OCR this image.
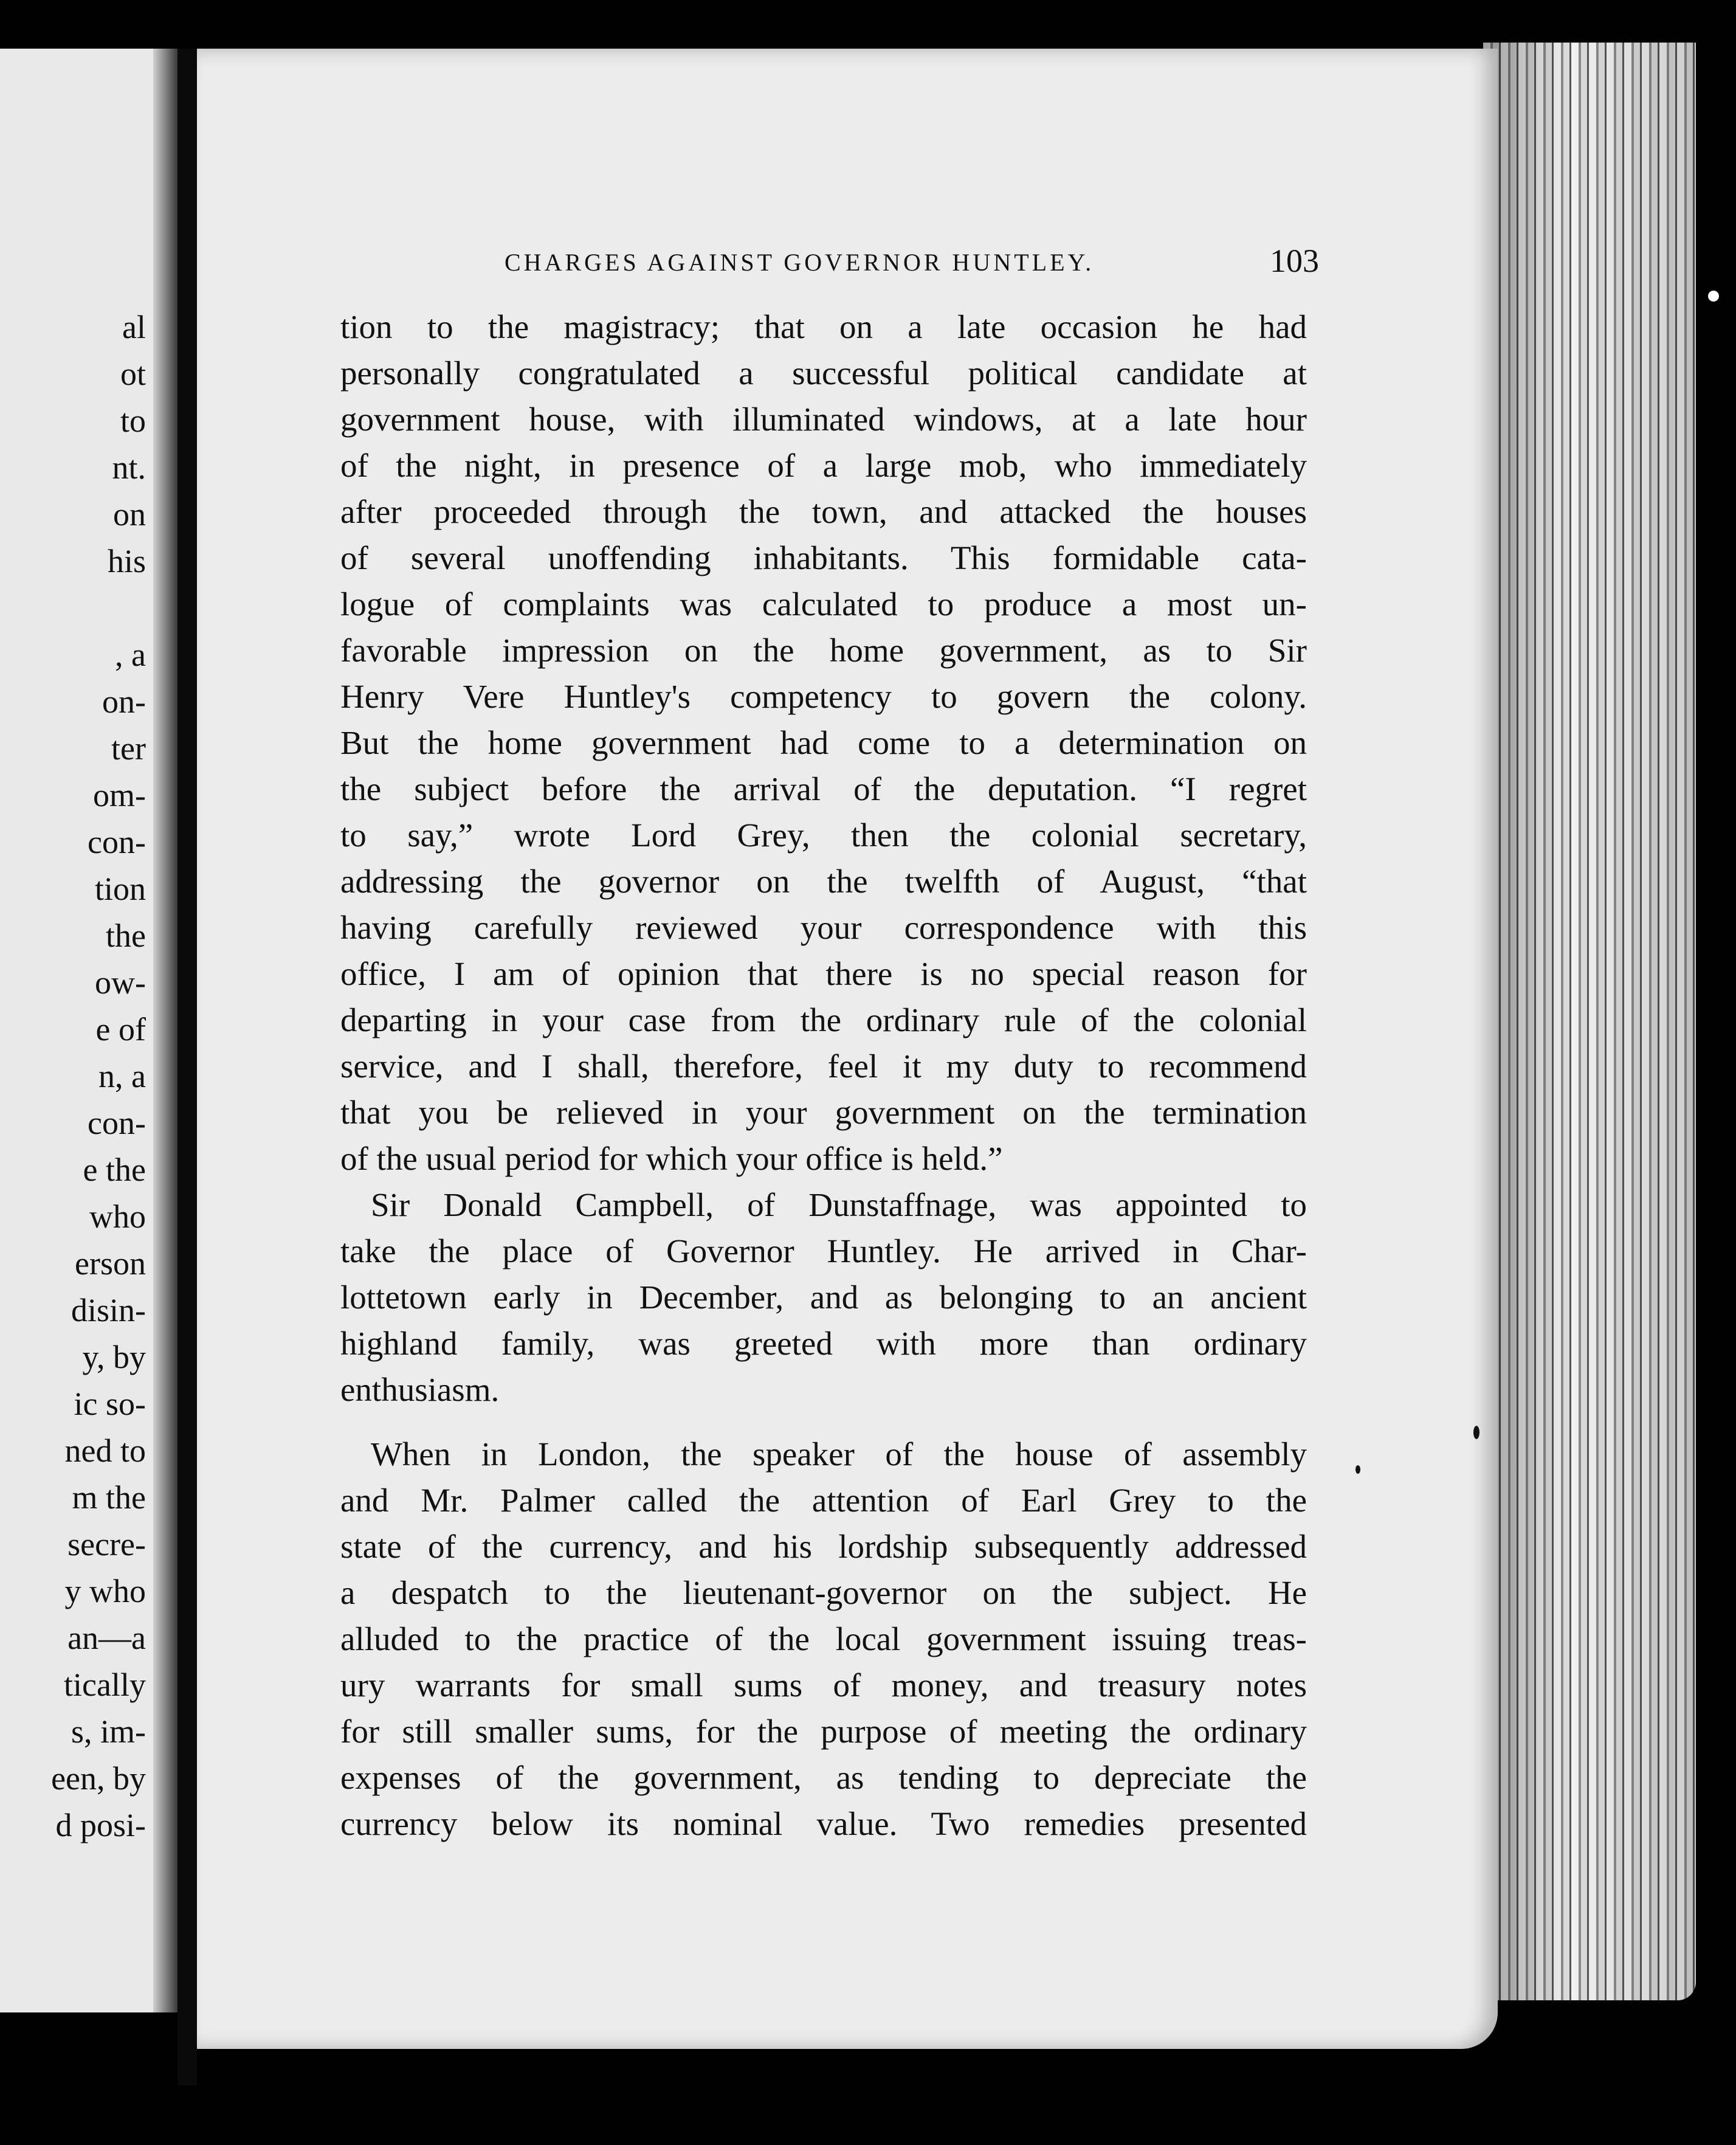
al
ot
to
nt.
on
his
, a
on-
ter
om-
con-
tion
the
ow-
e of
n, a
con-
e the
who
erson
disin-
y, by
ic so-
ned to
m the
secre-
y who
an—a
tically
s, im-
een, by
d posi-
CHARGES AGAINST GOVERNOR HUNTLEY.	103
tion to the magistracy; that on a late occasion he had
personally congratulated a successful political candidate at
government house, with illuminated windows, at a late hour
of the night, in presence of a large mob, who immediately
after proceeded through the town, and attacked the houses
of several unoffending inhabitants. This formidable cata-
logue of complaints was calculated to produce a most un-
favorable impression on the home government, as to Sir
Henry Vere Huntley's competency to govern the colony.
But the home government had come to a determination on
the subject before the arrival of the deputation. “I regret
to say,” wrote Lord Grey, then the colonial secretary,
addressing the governor on the twelfth of August, “that
having carefully reviewed your correspondence with this
office, I am of opinion that there is no special reason for
departing in your case from the ordinary rule of the colonial
service, and I shall, therefore, feel it my duty to recommend
that you be relieved in your government on the termination
of the usual period for which your office is held.”
Sir Donald Campbell, of Dunstaffnage, was appointed to
take the place of Governor Huntley. He arrived in Char-
lottetown early in December, and as belonging to an ancient
highland family, was greeted with more than ordinary
enthusiasm.
When in London, the speaker of the house of assembly
and Mr. Palmer called the attention of Earl Grey to the
state of the currency, and his lordship subsequently addressed
a despatch to the lieutenant-governor on the subject. He
alluded to the practice of the local government issuing treas-
ury warrants for small sums of money, and treasury notes
for still smaller sums, for the purpose of meeting the ordinary
expenses of the government, as tending to depreciate the
currency below its nominal value. Two remedies presented
